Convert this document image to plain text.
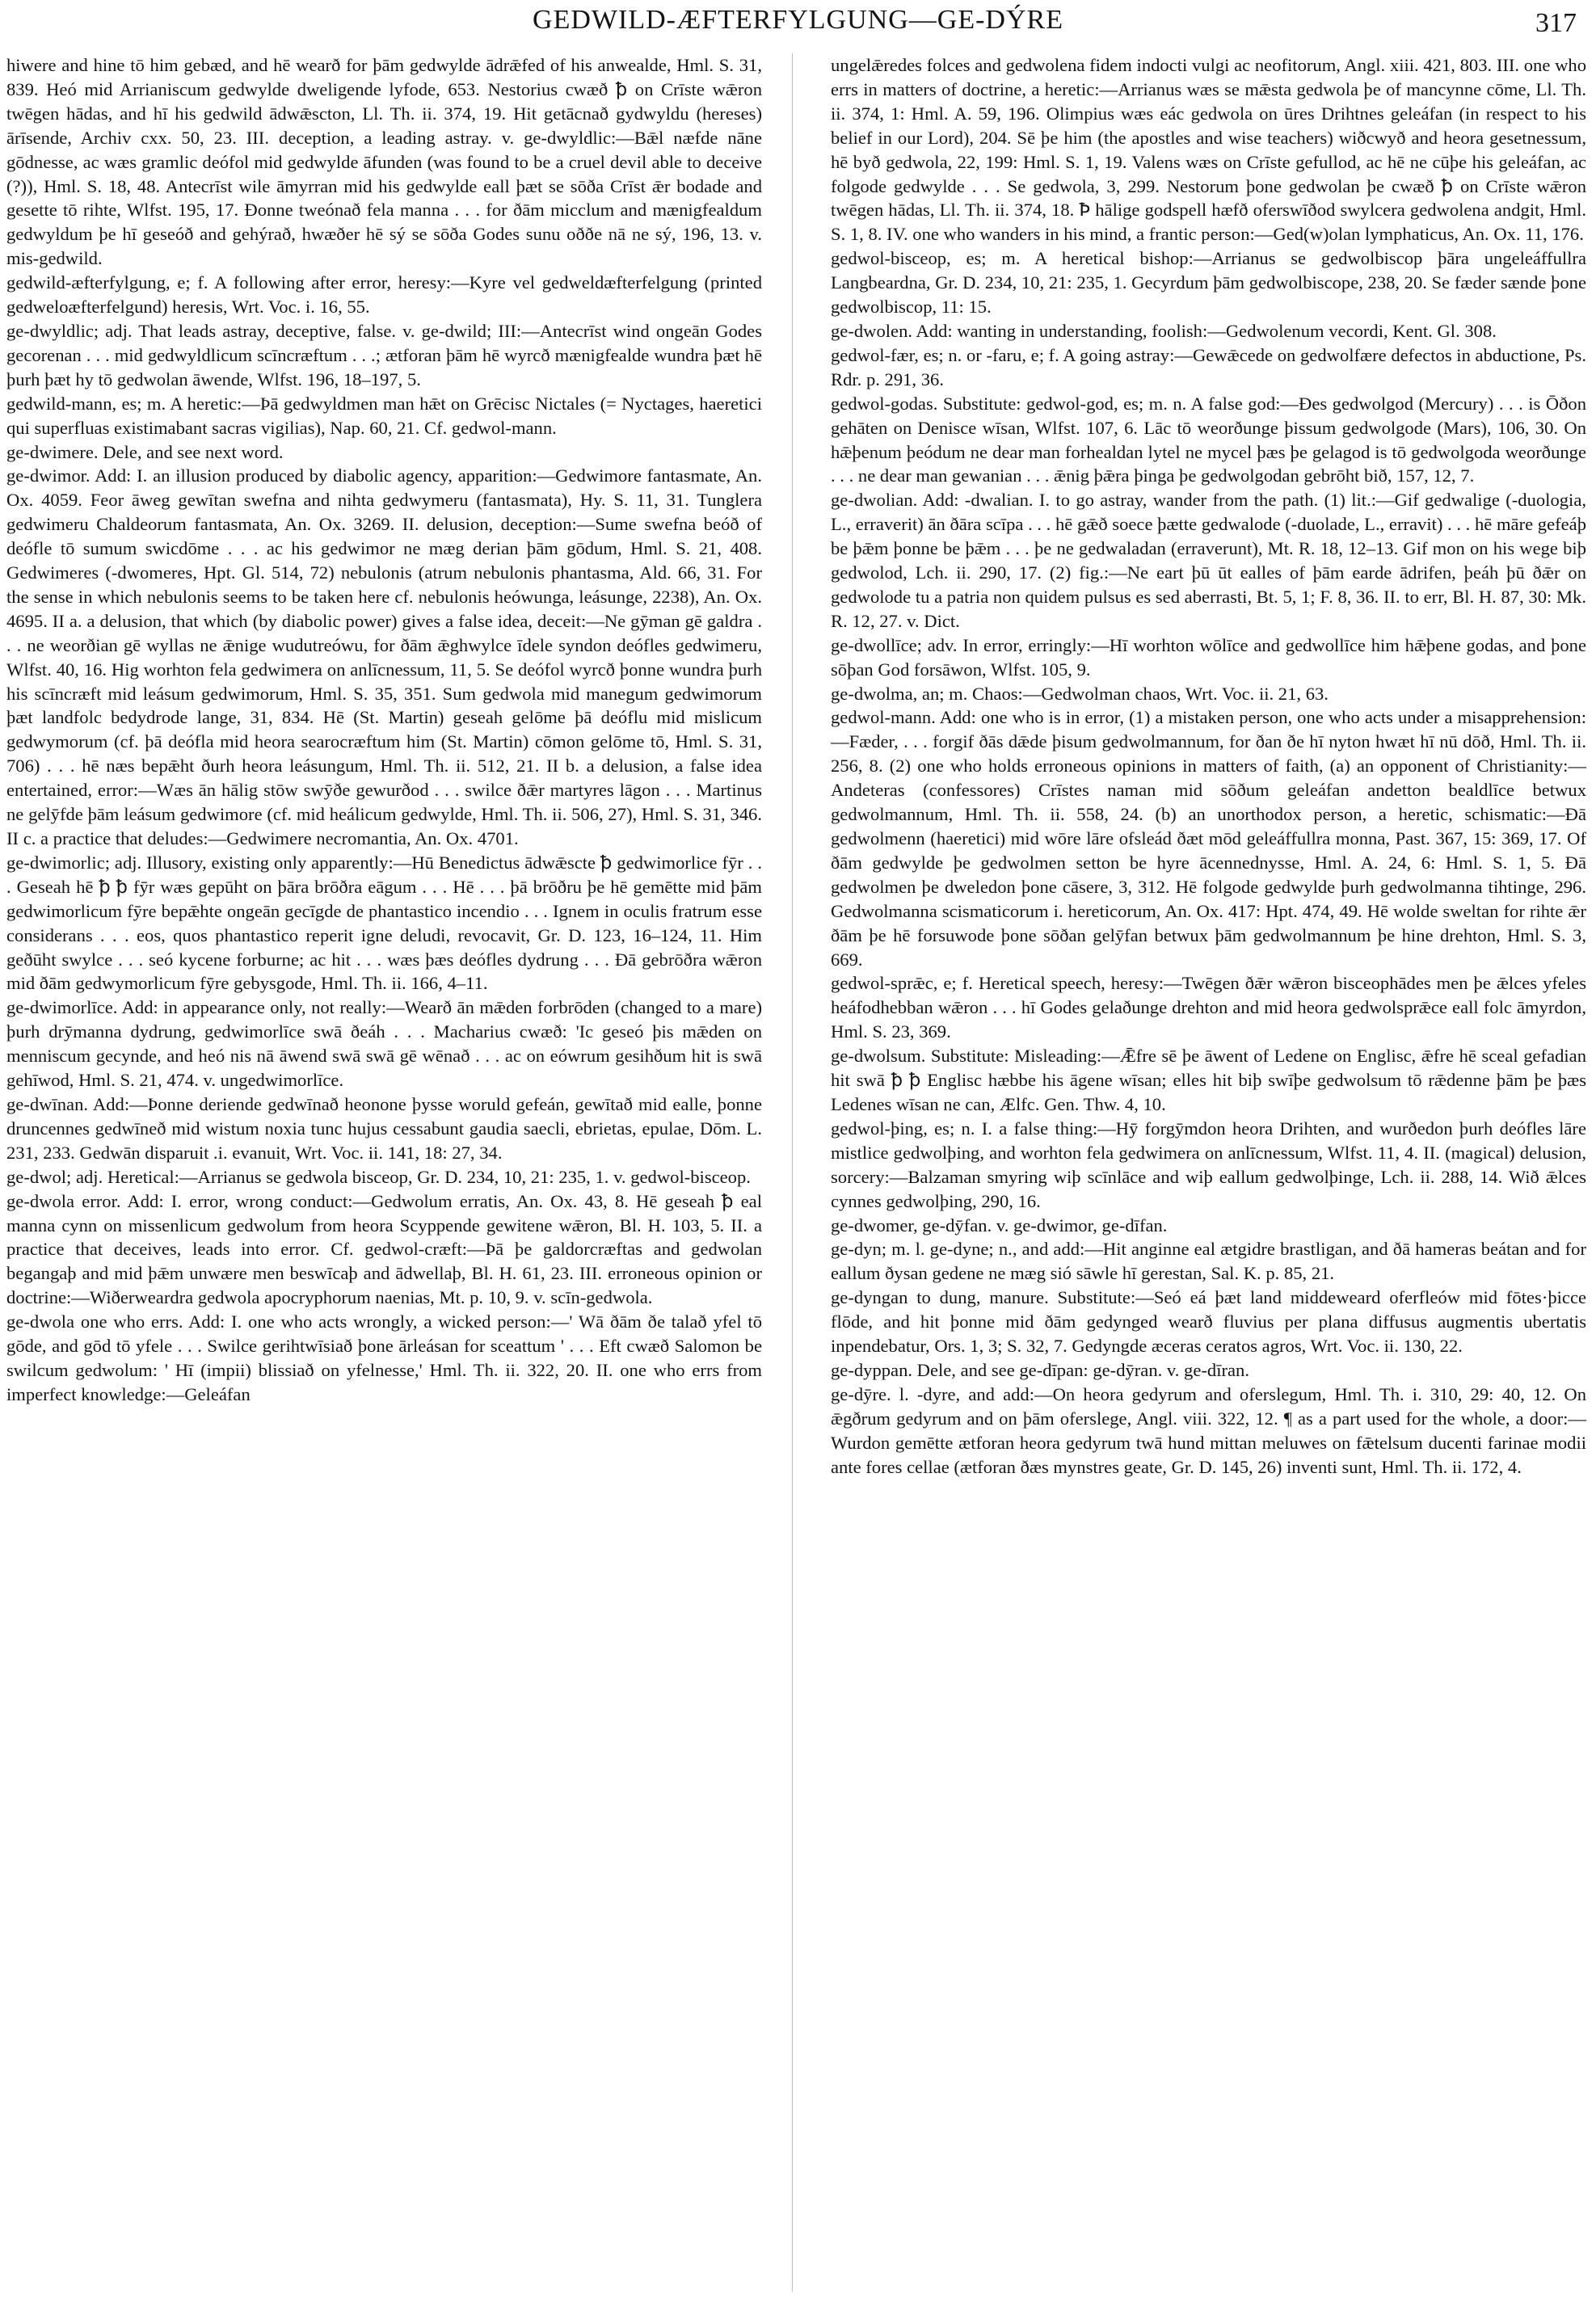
GEDWILD-ÆFTERFYLGUNG—GE-DÝRE	317

hiwere and hine tō him gebæd, and hē wearð for þām gedwylde ādrǣfed of his anwealde, Hml. S. 31, 839. Heó mid Arrianiscum gedwylde dweligende lyfode, 653. Nestorius cwæð ꝥ on Crīste wǣron twēgen hādas, and hī his gedwild ādwǣscton, Ll. Th. ii. 374, 19. Hit getācnað gydwyldu (hereses) ārīsende, Archiv cxx. 50, 23. III. deception, a leading astray. v. ge-dwyldlic:—Bǣl næfde nāne gōdnesse, ac wæs gramlic deófol mid gedwylde āfunden (was found to be a cruel devil able to deceive (?)), Hml. S. 18, 48. Antecrīst wile āmyrran mid his gedwylde eall þæt se sōða Crīst ǣr bodade and gesette tō rihte, Wlfst. 195, 17. Ðonne tweónað fela manna . . . for ðām micclum and mænigfealdum gedwyldum þe hī geseóð and gehýrað, hwæðer hē sý se sōða Godes sunu oððe nā ne sý, 196, 13. v. mis-gedwild.

gedwild-æfterfylgung, e; f. A following after error, heresy:—Kyre vel gedweldæfterfelgung (printed gedweloæfterfelgund) heresis, Wrt. Voc. i. 16, 55.

ge-dwyldlic; adj. That leads astray, deceptive, false. v. ge-dwild; III:—Antecrīst wind ongeān Godes gecorenan . . . mid gedwyldlicum scīncræftum . . .; ætforan þām hē wyrcð mænigfealde wundra þæt hē þurh þæt hy tō gedwolan āwende, Wlfst. 196, 18–197, 5.

gedwild-mann, es; m. A heretic:—Þā gedwyldmen man hǣt on Grēcisc Nictales (= Nyctages, haeretici qui superfluas existimabant sacras vigilias), Nap. 60, 21. Cf. gedwol-mann.

ge-dwimere. Dele, and see next word.

ge-dwimor. Add: I. an illusion produced by diabolic agency, apparition:—Gedwimore fantasmate, An. Ox. 4059. Feor āweg gewītan swefna and nihta gedwymeru (fantasmata), Hy. S. 11, 31. Tunglera gedwimeru Chaldeorum fantasmata, An. Ox. 3269. II. delusion, deception:—Sume swefna beóð of deófle tō sumum swicdōme . . . ac his gedwimor ne mæg derian þām gōdum, Hml. S. 21, 408. Gedwimeres (-dwomeres, Hpt. Gl. 514, 72) nebulonis (atrum nebulonis phantasma, Ald. 66, 31. For the sense in which nebulonis seems to be taken here cf. nebulonis heówunga, leásunge, 2238), An. Ox. 4695. II a. a delusion, that which (by diabolic power) gives a false idea, deceit:—Ne gȳman gē galdra . . . ne weorðian gē wyllas ne ǣnige wudutreówu, for ðām ǣghwylce īdele syndon deófles gedwimeru, Wlfst. 40, 16. Hig worhton fela gedwimera on anlīcnessum, 11, 5. Se deófol wyrcð þonne wundra þurh his scīncræft mid leásum gedwimorum, Hml. S. 35, 351. Sum gedwola mid manegum gedwimorum þæt landfolc bedydrode lange, 31, 834. Hē (St. Martin) geseah gelōme þā deóflu mid mislicum gedwymorum (cf. þā deófla mid heora searocræftum him (St. Martin) cōmon gelōme tō, Hml. S. 31, 706) . . . hē næs bepǣht ðurh heora leásungum, Hml. Th. ii. 512, 21. II b. a delusion, a false idea entertained, error:—Wæs ān hālig stōw swȳðe gewurðod . . . swilce ðǣr martyres lāgon . . . Martinus ne gelȳfde þām leásum gedwimore (cf. mid heálicum gedwylde, Hml. Th. ii. 506, 27), Hml. S. 31, 346. II c. a practice that deludes:—Gedwimere necromantia, An. Ox. 4701.

ge-dwimorlic; adj. Illusory, existing only apparently:—Hū Benedictus ādwǣscte ꝥ gedwimorlice fȳr . . . Geseah hē ꝥ ꝥ fȳr wæs gepūht on þāra brōðra eāgum . . . Hē . . . þā brōðru þe hē gemētte mid þām gedwimorlicum fȳre bepǣhte ongeān gecīgde de phantastico incendio . . . Ignem in oculis fratrum esse considerans . . . eos, quos phantastico reperit igne deludi, revocavit, Gr. D. 123, 16–124, 11. Him geðūht swylce . . . seó kycene forburne; ac hit . . . wæs þæs deófles dydrung . . . Ðā gebrōðra wǣron mid ðām gedwymorlicum fȳre gebysgode, Hml. Th. ii. 166, 4–11.

ge-dwimorlīce. Add: in appearance only, not really:—Wearð ān mǣden forbrōden (changed to a mare) þurh drȳmanna dydrung, gedwimorlīce swā ðeáh . . . Macharius cwæð: 'Ic geseó þis mǣden on menniscum gecynde, and heó nis nā āwend swā swā gē wēnað . . . ac on eówrum gesihðum hit is swā gehīwod, Hml. S. 21, 474. v. ungedwimorlīce.

ge-dwīnan. Add:—Þonne deriende gedwīnað heonone þysse woruld gefeán, gewītað mid ealle, þonne druncennes gedwīneð mid wistum noxia tunc hujus cessabunt gaudia saecli, ebrietas, epulae, Dōm. L. 231, 233. Gedwān disparuit .i. evanuit, Wrt. Voc. ii. 141, 18: 27, 34.

ge-dwol; adj. Heretical:—Arrianus se gedwola bisceop, Gr. D. 234, 10, 21: 235, 1. v. gedwol-bisceop.

ge-dwola error. Add: I. error, wrong conduct:—Gedwolum erratis, An. Ox. 43, 8. Hē geseah ꝥ eal manna cynn on missenlicum gedwolum from heora Scyppende gewitene wǣron, Bl. H. 103, 5. II. a practice that deceives, leads into error. Cf. gedwol-cræft:—Þā þe galdorcræftas and gedwolan begangaþ and mid þǣm unwære men beswīcaþ and ādwellaþ, Bl. H. 61, 23. III. erroneous opinion or doctrine:—Wiðerweardra gedwola apocryphorum naenias, Mt. p. 10, 9. v. scīn-gedwola.

ge-dwola one who errs. Add: I. one who acts wrongly, a wicked person:—' Wā ðām ðe talað yfel tō gōde, and gōd tō yfele . . . Swilce gerihtwīsiað þone ārleásan for sceattum ' . . . Eft cwæð Salomon be swilcum gedwolum: ' Hī (impii) blissiað on yfelnesse,' Hml. Th. ii. 322, 20. II. one who errs from imperfect knowledge:—Geleáfan

ungelǣredes folces and gedwolena fidem indocti vulgi ac neofitorum, Angl. xiii. 421, 803. III. one who errs in matters of doctrine, a heretic:—Arrianus wæs se mǣsta gedwola þe of mancynne cōme, Ll. Th. ii. 374, 1: Hml. A. 59, 196. Olimpius wæs eác gedwola on ūres Drihtnes geleáfan (in respect to his belief in our Lord), 204. Sē þe him (the apostles and wise teachers) wiðcwyð and heora gesetnessum, hē byð gedwola, 22, 199: Hml. S. 1, 19. Valens wæs on Crīste gefullod, ac hē ne cūþe his geleáfan, ac folgode gedwylde . . . Se gedwola, 3, 299. Nestorum þone gedwolan þe cwæð ꝥ on Crīste wǣron twēgen hādas, Ll. Th. ii. 374, 18. Ꝥ hālige godspell hæfð oferswīðod swylcera gedwolena andgit, Hml. S. 1, 8. IV. one who wanders in his mind, a frantic person:—Ged(w)olan lymphaticus, An. Ox. 11, 176.

gedwol-bisceop, es; m. A heretical bishop:—Arrianus se gedwolbiscop þāra ungeleáffullra Langbeardna, Gr. D. 234, 10, 21: 235, 1. Gecyrdum þām gedwolbiscope, 238, 20. Se fæder sænde þone gedwolbiscop, 11: 15.

ge-dwolen. Add: wanting in understanding, foolish:—Gedwolenum vecordi, Kent. Gl. 308.

gedwol-fær, es; n. or -faru, e; f. A going astray:—Gewǣcede on gedwolfære defectos in abductione, Ps. Rdr. p. 291, 36.

gedwol-godas. Substitute: gedwol-god, es; m. n. A false god:—Ðes gedwolgod (Mercury) . . . is Ōðon gehāten on Denisce wīsan, Wlfst. 107, 6. Lāc tō weorðunge þissum gedwolgode (Mars), 106, 30. On hǣþenum þeódum ne dear man forhealdan lytel ne mycel þæs þe gelagod is tō gedwolgoda weorðunge . . . ne dear man gewanian . . . ǣnig þǣra þinga þe gedwolgodan gebrōht bið, 157, 12, 7.

ge-dwolian. Add: -dwalian. I. to go astray, wander from the path. (1) lit.:—Gif gedwalige (-duologia, L., erraverit) ān ðāra scīpa . . . hē gǣð soece þætte gedwalode (-duolade, L., erravit) . . . hē māre gefeáþ be þǣm þonne be þǣm . . . þe ne gedwaladan (erraverunt), Mt. R. 18, 12–13. Gif mon on his wege biþ gedwolod, Lch. ii. 290, 17. (2) fig.:—Ne eart þū ūt ealles of þām earde ādrifen, þeáh þū ðǣr on gedwolode tu a patria non quidem pulsus es sed aberrasti, Bt. 5, 1; F. 8, 36. II. to err, Bl. H. 87, 30: Mk. R. 12, 27. v. Dict.

ge-dwollīce; adv. In error, erringly:—Hī worhton wōlīce and gedwollīce him hǣþene godas, and þone sōþan God forsāwon, Wlfst. 105, 9.

ge-dwolma, an; m. Chaos:—Gedwolman chaos, Wrt. Voc. ii. 21, 63.

gedwol-mann. Add: one who is in error, (1) a mistaken person, one who acts under a misapprehension:—Fæder, . . . forgif ðās dǣde þisum gedwolmannum, for ðan ðe hī nyton hwæt hī nū dōð, Hml. Th. ii. 256, 8. (2) one who holds erroneous opinions in matters of faith, (a) an opponent of Christianity:—Andeteras (confessores) Crīstes naman mid sōðum geleáfan andetton bealdlīce betwux gedwolmannum, Hml. Th. ii. 558, 24. (b) an unorthodox person, a heretic, schismatic:—Ðā gedwolmenn (haeretici) mid wōre lāre ofsleád ðæt mōd geleáffullra monna, Past. 367, 15: 369, 17. Of ðām gedwylde þe gedwolmen setton be hyre ācennednysse, Hml. A. 24, 6: Hml. S. 1, 5. Ðā gedwolmen þe dweledon þone cāsere, 3, 312. Hē folgode gedwylde þurh gedwolmanna tihtinge, 296. Gedwolmanna scismaticorum i. hereticorum, An. Ox. 417: Hpt. 474, 49. Hē wolde sweltan for rihte ǣr ðām þe hē forsuwode þone sōðan gelȳfan betwux þām gedwolmannum þe hine drehton, Hml. S. 3, 669.

gedwol-sprǣc, e; f. Heretical speech, heresy:—Twēgen ðǣr wǣron bisceophādes men þe ǣlces yfeles heáfodhebban wǣron . . . hī Godes gelaðunge drehton and mid heora gedwolsprǣce eall folc āmyrdon, Hml. S. 23, 369.

ge-dwolsum. Substitute: Misleading:—Ǣfre sē þe āwent of Ledene on Englisc, ǣfre hē sceal gefadian hit swā ꝥ ꝥ Englisc hæbbe his āgene wīsan; elles hit biþ swīþe gedwolsum tō rǣdenne þām þe þæs Ledenes wīsan ne can, Ælfc. Gen. Thw. 4, 10.

gedwol-þing, es; n. I. a false thing:—Hȳ forgȳmdon heora Drihten, and wurðedon þurh deófles lāre mistlice gedwolþing, and worhton fela gedwimera on anlīcnessum, Wlfst. 11, 4. II. (magical) delusion, sorcery:—Balzaman smyring wiþ scīnlāce and wiþ eallum gedwolþinge, Lch. ii. 288, 14. Wið ǣlces cynnes gedwolþing, 290, 16.

ge-dwomer, ge-dȳfan. v. ge-dwimor, ge-dīfan.

ge-dyn; m. l. ge-dyne; n., and add:—Hit anginne eal ætgidre brastligan, and ðā hameras beátan and for eallum ðysan gedene ne mæg sió sāwle hī gerestan, Sal. K. p. 85, 21.

ge-dyngan to dung, manure. Substitute:—Seó eá þæt land middeweard oferfleów mid fōtes·þicce flōde, and hit þonne mid ðām gedynged wearð fluvius per plana diffusus augmentis ubertatis inpendebatur, Ors. 1, 3; S. 32, 7. Gedyngde æceras ceratos agros, Wrt. Voc. ii. 130, 22.

ge-dyppan. Dele, and see ge-dīpan: ge-dȳran. v. ge-dīran.

ge-dȳre. l. -dyre, and add:—On heora gedyrum and oferslegum, Hml. Th. i. 310, 29: 40, 12. On ǣgðrum gedyrum and on þām oferslege, Angl. viii. 322, 12. ¶ as a part used for the whole, a door:—Wurdon gemētte ætforan heora gedyrum twā hund mittan meluwes on fǣtelsum ducenti farinae modii ante fores cellae (ætforan ðæs mynstres geate, Gr. D. 145, 26) inventi sunt, Hml. Th. ii. 172, 4.
